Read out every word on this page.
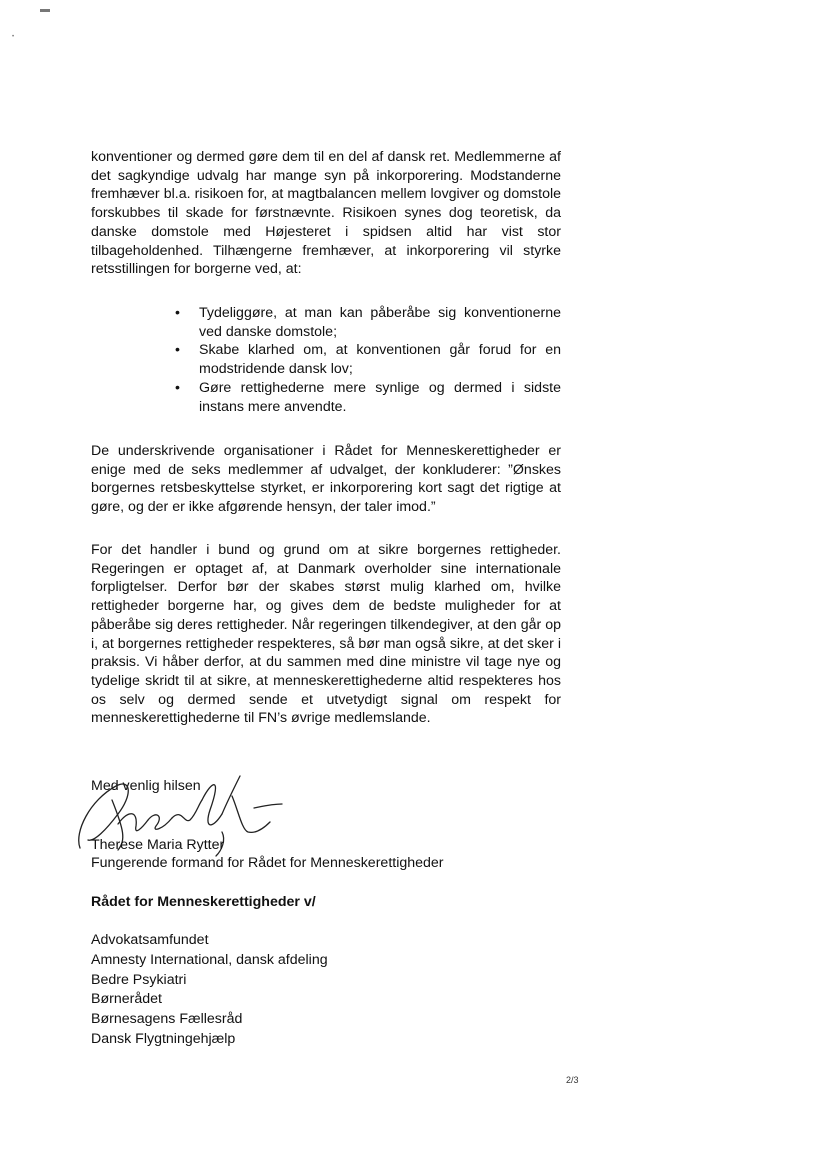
▬
•

konventioner og dermed gøre dem til en del af dansk ret. Medlemmerne af det sagkyndige udvalg har mange syn på inkorporering. Modstanderne fremhæver bl.a. risikoen for, at magtbalancen mellem lovgiver og domstole forskubbes til skade for førstnævnte. Risikoen synes dog teoretisk, da danske domstole med Højesteret i spidsen altid har vist stor tilbageholdenhed. Tilhængerne fremhæver, at inkorporering vil styrke retsstillingen for borgerne ved, at:

• Tydeliggøre, at man kan påberåbe sig konventionerne ved danske domstole;
• Skabe klarhed om, at konventionen går forud for en modstridende dansk lov;
• Gøre rettighederne mere synlige og dermed i sidste instans mere anvendte.

De underskrivende organisationer i Rådet for Menneskerettigheder er enige med de seks medlemmer af udvalget, der konkluderer: ”Ønskes borgernes retsbeskyttelse styrket, er inkorporering kort sagt det rigtige at gøre, og der er ikke afgørende hensyn, der taler imod.”

For det handler i bund og grund om at sikre borgernes rettigheder. Regeringen er optaget af, at Danmark overholder sine internationale forpligtelser. Derfor bør der skabes størst mulig klarhed om, hvilke rettigheder borgerne har, og gives dem de bedste muligheder for at påberåbe sig deres rettigheder. Når regeringen tilkendegiver, at den går op i, at borgernes rettigheder respekteres, så bør man også sikre, at det sker i praksis. Vi håber derfor, at du sammen med dine ministre vil tage nye og tydelige skridt til at sikre, at menneskerettighederne altid respekteres hos os selv og dermed sende et utvetydigt signal om respekt for menneskerettighederne til FN’s øvrige medlemslande.

Med venlig hilsen
Therese Maria Rytter
Fungerende formand for Rådet for Menneskerettigheder
Rådet for Menneskerettigheder v/
Advokatsamfundet
Amnesty International, dansk afdeling
Bedre Psykiatri
Børnerådet
Børnesagens Fællesråd
Dansk Flygtningehjælp
2/3
